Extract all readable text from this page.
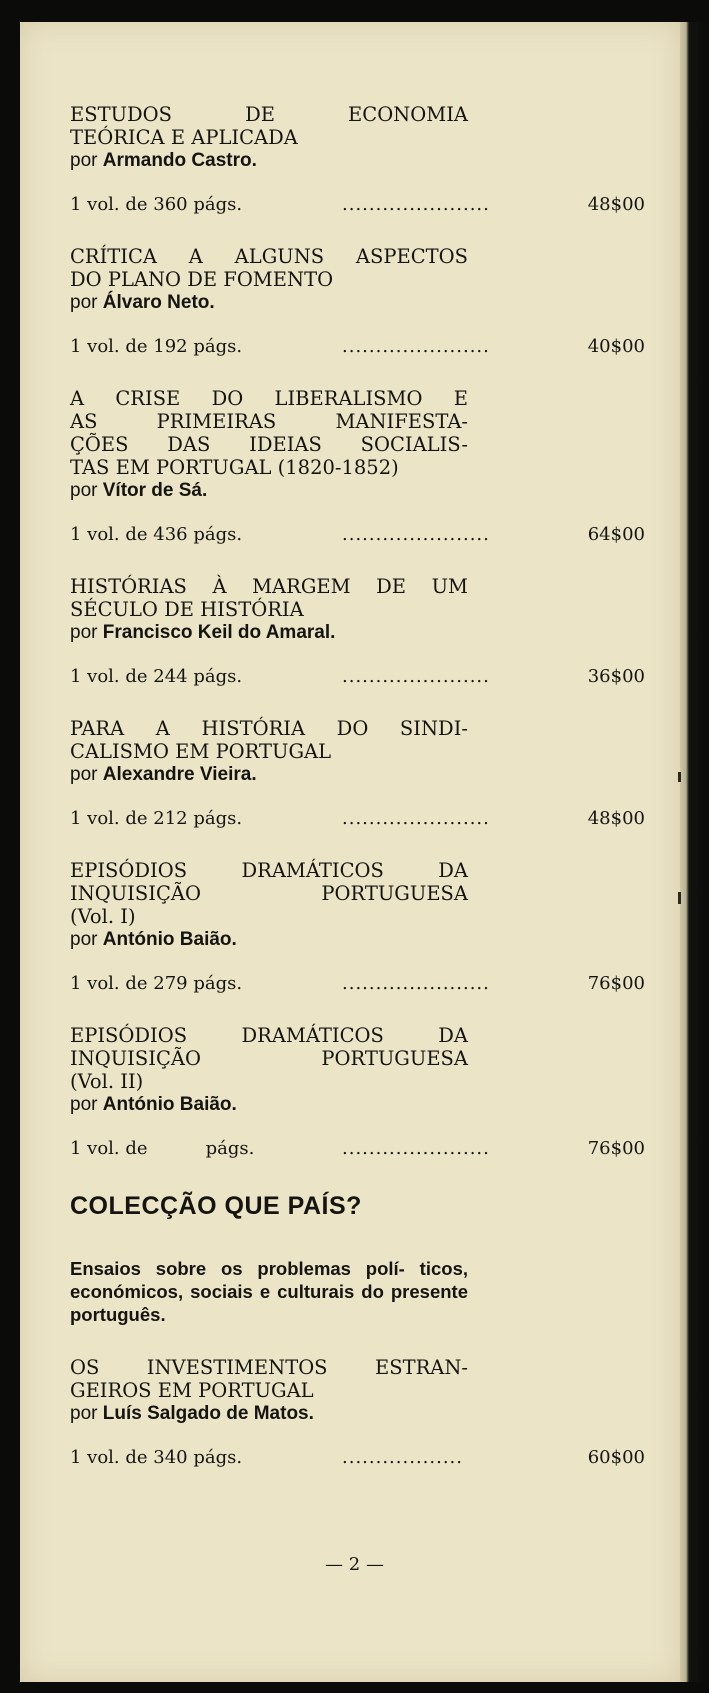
ESTUDOS DE ECONOMIA

TEÓRICA E APLICADA

por Armando Castro.

1 vol. de 360 págs.	......................	48$00

CRÍTICA A ALGUNS ASPECTOS

DO PLANO DE FOMENTO

por Álvaro Neto.

1 vol. de 192 págs.	......................	40$00

A CRISE DO LIBERALISMO E

AS PRIMEIRAS MANIFESTA-

ÇÕES DAS IDEIAS SOCIALIS-

TAS EM PORTUGAL (1820-1852)

por Vítor de Sá.

1 vol. de 436 págs.	......................	64$00

HISTÓRIAS À MARGEM DE UM

SÉCULO DE HISTÓRIA

por Francisco Keil do Amaral.

1 vol. de 244 págs.	......................	36$00

PARA A HISTÓRIA DO SINDI-

CALISMO EM PORTUGAL

por Alexandre Vieira.

1 vol. de 212 págs.	......................	48$00

EPISÓDIOS DRAMÁTICOS DA

INQUISIÇÃO PORTUGUESA

(Vol. I)

por António Baião.

1 vol. de 279 págs.	......................	76$00

EPISÓDIOS DRAMÁTICOS DA

INQUISIÇÃO PORTUGUESA

(Vol. II)

por António Baião.

1 vol. de	págs.	......................	76$00
COLECÇÃO QUE PAÍS?

Ensaios sobre os problemas polí- ticos, económicos, sociais e culturais do presente português.

OS INVESTIMENTOS ESTRAN-

GEIROS EM PORTUGAL

por Luís Salgado de Matos.

1 vol. de 340 págs.	..................	60$00
— 2 —
